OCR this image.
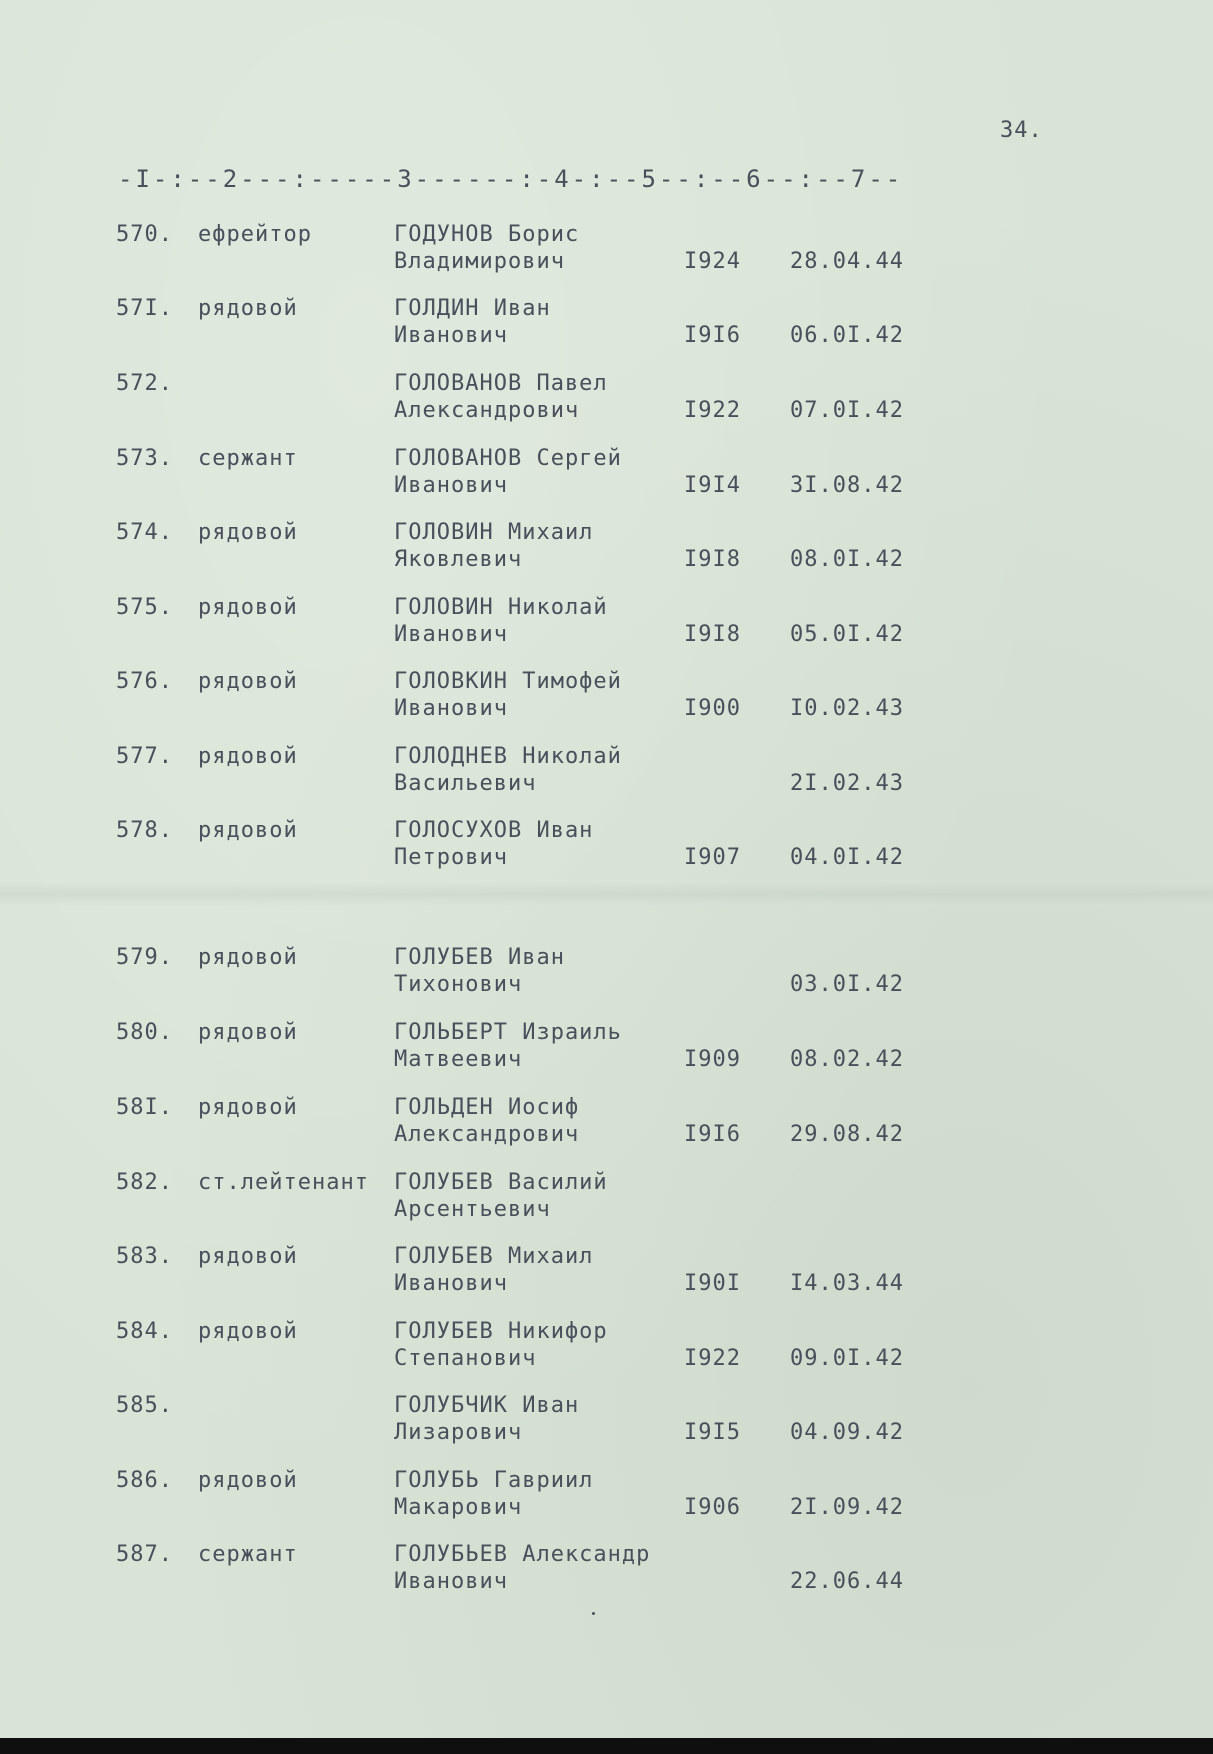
34.
-I-:--2---:-----3------:-4-:--5--:--6--:--7--
570. ефрейтор	ГОДУНОВ Борис
Владимирович	I924 28.04.44
57I. рядовой	ГОЛДИН Иван
Иванович	I9I6 06.0I.42
572.	ГОЛОВАНОВ Павел
Александрович	I922 07.0I.42
573. сержант	ГОЛОВАНОВ Сергей
Иванович	I9I4 3I.08.42
574. рядовой	ГОЛОВИН Михаил
Яковлевич	I9I8 08.0I.42
575. рядовой	ГОЛОВИН Николай
Иванович	I9I8 05.0I.42
576. рядовой	ГОЛОВКИН Тимофей
Иванович	I900 I0.02.43
577. рядовой	ГОЛОДНЕВ Николай
Васильевич	2I.02.43
578. рядовой	ГОЛОСУХОВ Иван
Петрович	I907 04.0I.42
579. рядовой	ГОЛУБЕВ Иван
Тихонович	03.0I.42
580. рядовой	ГОЛЬБЕРТ Израиль
Матвеевич	I909 08.02.42
58I. рядовой	ГОЛЬДЕН Иосиф
Александрович	I9I6 29.08.42
582. ст.лейтенант ГОЛУБЕВ Василий
Арсентьевич
583. рядовой	ГОЛУБЕВ Михаил
Иванович	I90I I4.03.44
584. рядовой	ГОЛУБЕВ Никифор
Степанович	I922 09.0I.42
585.	ГОЛУБЧИК Иван
Лизарович	I9I5 04.09.42
586. рядовой	ГОЛУБЬ Гавриил
Макарович	I906 2I.09.42
587. сержант	ГОЛУБЬЕВ Александр
Иванович	22.06.44
